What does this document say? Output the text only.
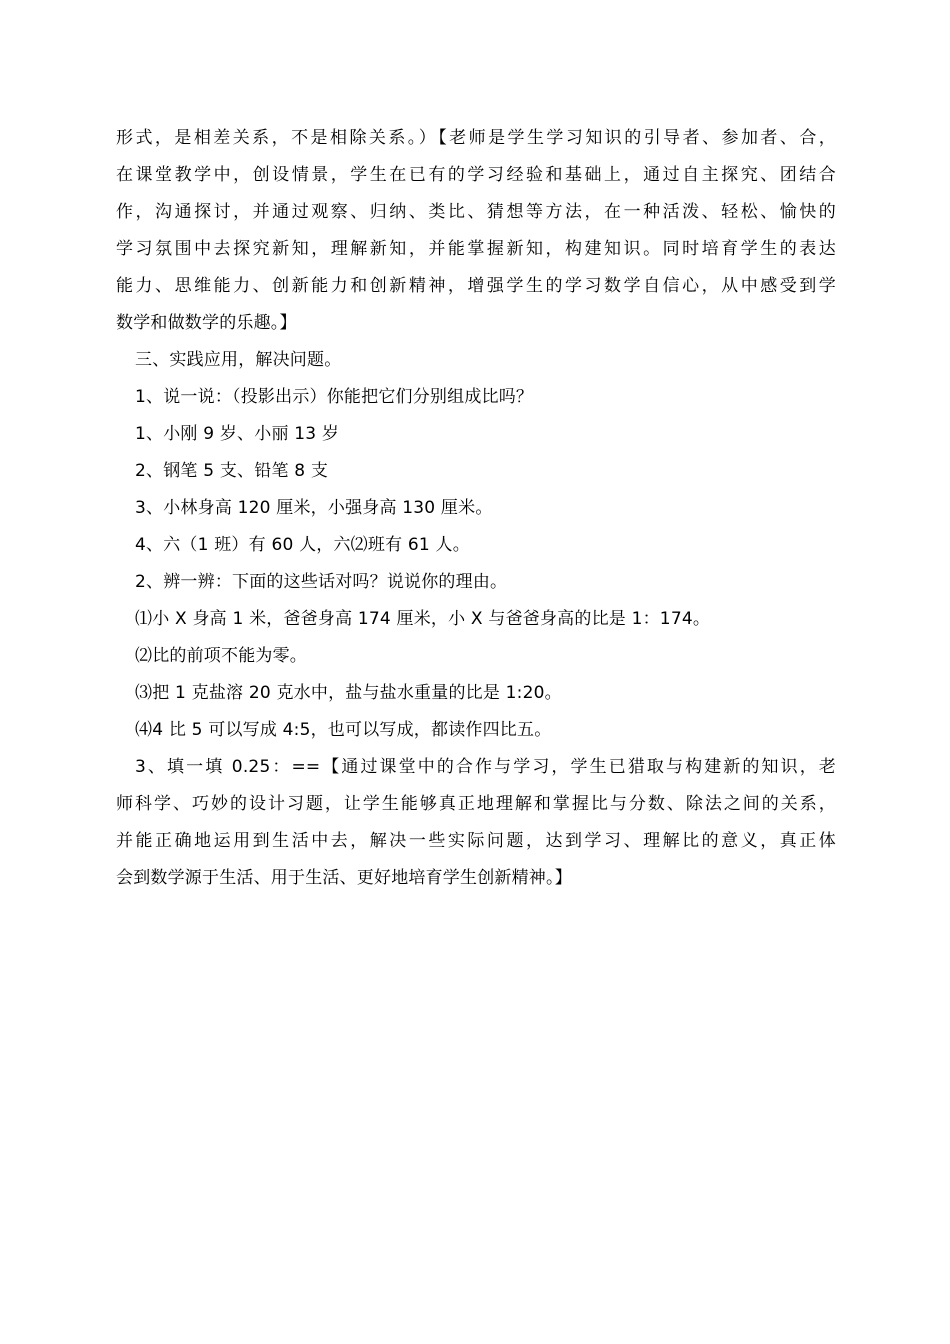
形式，是相差关系，不是相除关系。）【老师是学生学习知识的引导者、参加者、合，
在课堂教学中，创设情景，学生在已有的学习经验和基础上，通过自主探究、团结合
作，沟通探讨，并通过观察、归纳、类比、猜想等方法，在一种活泼、轻松、愉快的
学习氛围中去探究新知，理解新知，并能掌握新知，构建知识。同时培育学生的表达
能力、思维能力、创新能力和创新精神，增强学生的学习数学自信心，从中感受到学
数学和做数学的乐趣。】
三、实践应用，解决问题。
1、说一说：（投影出示）你能把它们分别组成比吗？
1、小刚 9 岁、小丽 13 岁
2、钢笔 5 支、铅笔 8 支
3、小林身高 120 厘米，小强身高 130 厘米。
4、六（1 班）有 60 人，六⑵班有 61 人。
2、辨一辨：下面的这些话对吗？说说你的理由。
⑴小 X 身高 1 米，爸爸身高 174 厘米，小 X 与爸爸身高的比是 1：174。
⑵比的前项不能为零。
⑶把 1 克盐溶 20 克水中，盐与盐水重量的比是 1:20。
⑷4 比 5 可以写成 4:5，也可以写成，都读作四比五。
3、填一填 0.25：==【通过课堂中的合作与学习，学生已猎取与构建新的知识，老
师科学、巧妙的设计习题，让学生能够真正地理解和掌握比与分数、除法之间的关系，
并能正确地运用到生活中去，解决一些实际问题，达到学习、理解比的意义，真正体
会到数学源于生活、用于生活、更好地培育学生创新精神。】
